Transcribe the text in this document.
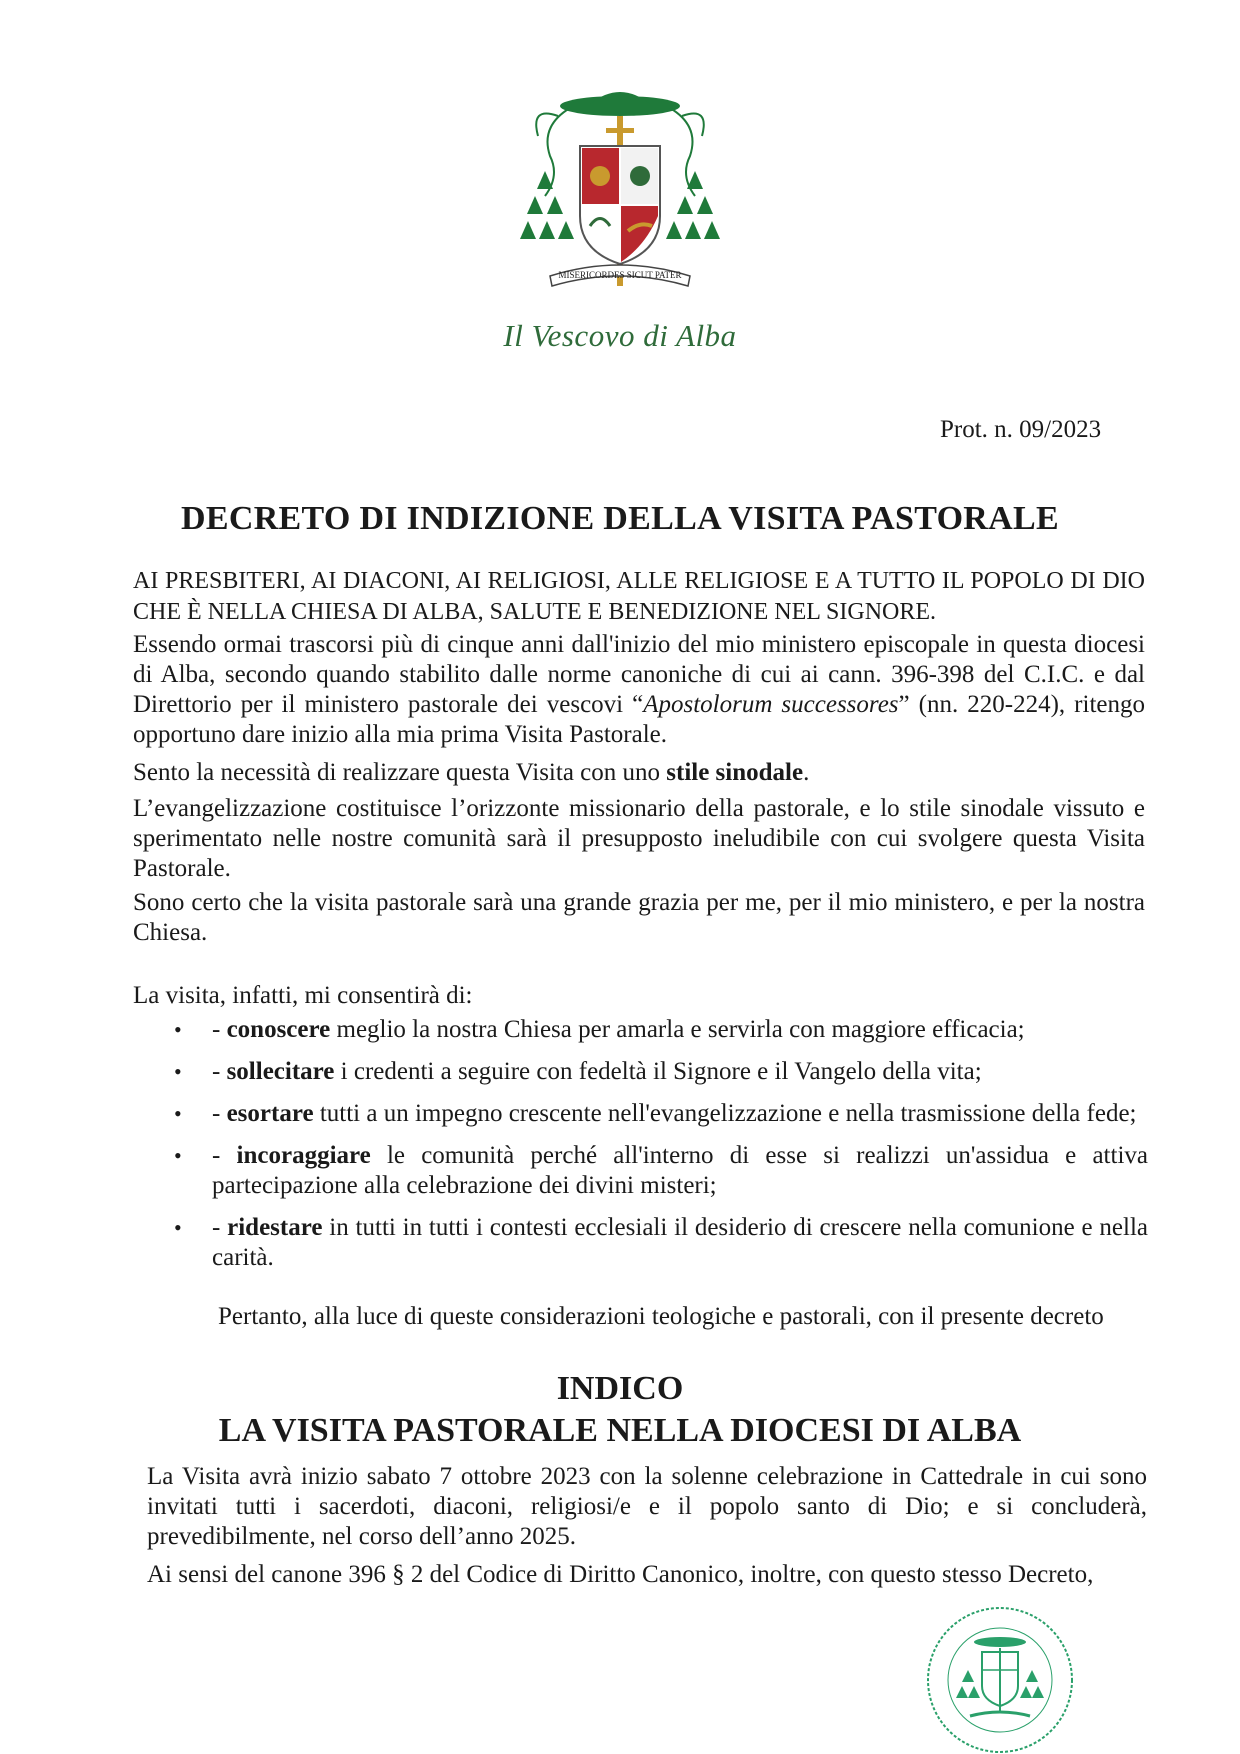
MISERICORDES SICUT PATER
Il Vescovo di Alba
Prot. n. 09/2023
DECRETO DI INDIZIONE DELLA VISITA PASTORALE
AI PRESBITERI, AI DIACONI, AI RELIGIOSI, ALLE RELIGIOSE E A TUTTO IL POPOLO DI DIO CHE È NELLA CHIESA DI ALBA, SALUTE E BENEDIZIONE NEL SIGNORE.
Essendo ormai trascorsi più di cinque anni dall'inizio del mio ministero episcopale in questa diocesi di Alba, secondo quando stabilito dalle norme canoniche di cui ai cann. 396-398 del C.I.C. e dal Direttorio per il ministero pastorale dei vescovi “Apostolorum successores” (nn. 220-224), ritengo opportuno dare inizio alla mia prima Visita Pastorale.
Sento la necessità di realizzare questa Visita con uno stile sinodale.
L’evangelizzazione costituisce l’orizzonte missionario della pastorale, e lo stile sinodale vissuto e sperimentato nelle nostre comunità sarà il presupposto ineludibile con cui svolgere questa Visita Pastorale.
Sono certo che la visita pastorale sarà una grande grazia per me, per il mio ministero, e per la nostra Chiesa.
La visita, infatti, mi consentirà di:
• - conoscere meglio la nostra Chiesa per amarla e servirla con maggiore efficacia;
• - sollecitare i credenti a seguire con fedeltà il Signore e il Vangelo della vita;
• - esortare tutti a un impegno crescente nell'evangelizzazione e nella trasmissione della fede;
• - incoraggiare le comunità perché all'interno di esse si realizzi un'assidua e attiva partecipazione alla celebrazione dei divini misteri;
• - ridestare in tutti in tutti i contesti ecclesiali il desiderio di crescere nella comunione e nella carità.
Pertanto, alla luce di queste considerazioni teologiche e pastorali, con il presente decreto
INDICO
LA VISITA PASTORALE NELLA DIOCESI DI ALBA
La Visita avrà inizio sabato 7 ottobre 2023 con la solenne celebrazione in Cattedrale in cui sono invitati tutti i sacerdoti, diaconi, religiosi/e e il popolo santo di Dio; e si concluderà, prevedibilmente, nel corso dell’anno 2025.
Ai sensi del canone 396 § 2 del Codice di Diritto Canonico, inoltre, con questo stesso Decreto,
